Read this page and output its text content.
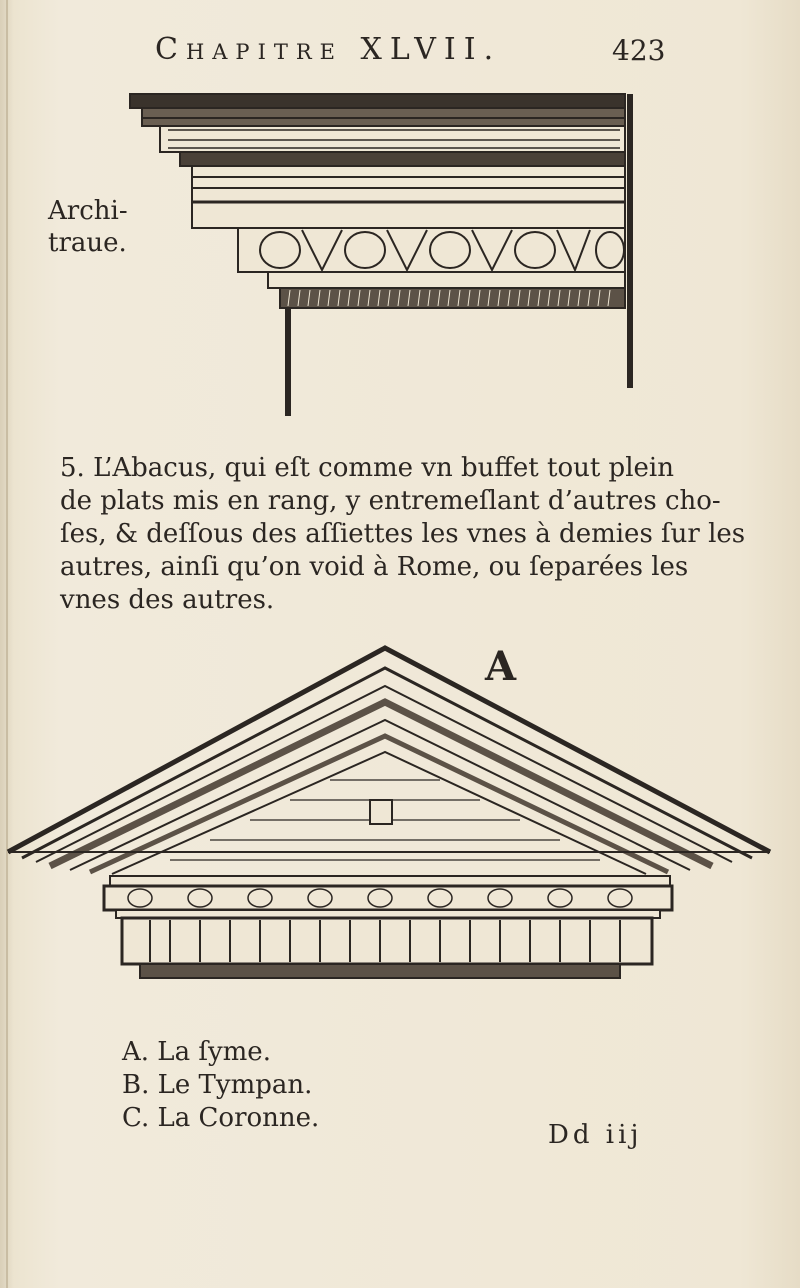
Chapitre XLVII.	423
Archi-
traue.
5. L’Abacus, qui eſt comme vn buffet tout plein
de plats mis en rang, y entremeſlant d’autres cho-
ſes, & deſſous des aſſiettes les vnes à demies ſur les
autres, ainſi qu’on void à Rome, ou ſeparées les
vnes des autres.
A
A. La ſyme.
B. Le Tympan.
C. La Coronne.
Dd iij
